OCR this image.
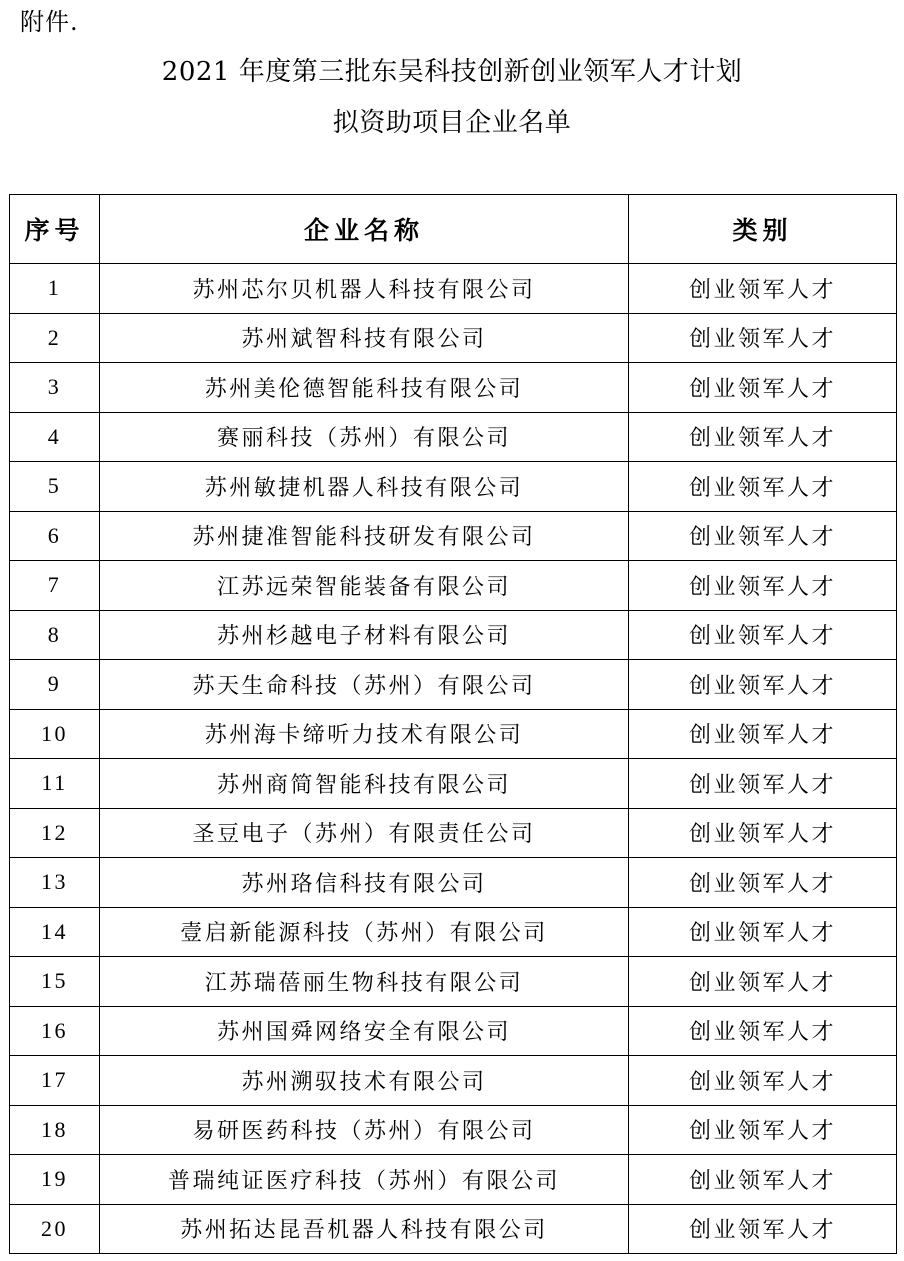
附件.
2021 年度第三批东吴科技创新创业领军人才计划
拟资助项目企业名单
序号	企业名称	类别
1	苏州芯尔贝机器人科技有限公司	创业领军人才
2	苏州斌智科技有限公司	创业领军人才
3	苏州美伦德智能科技有限公司	创业领军人才
4	赛丽科技（苏州）有限公司	创业领军人才
5	苏州敏捷机器人科技有限公司	创业领军人才
6	苏州捷准智能科技研发有限公司	创业领军人才
7	江苏远荣智能装备有限公司	创业领军人才
8	苏州杉越电子材料有限公司	创业领军人才
9	苏天生命科技（苏州）有限公司	创业领军人才
10	苏州海卡缔听力技术有限公司	创业领军人才
11	苏州商简智能科技有限公司	创业领军人才
12	圣豆电子（苏州）有限责任公司	创业领军人才
13	苏州珞信科技有限公司	创业领军人才
14	壹启新能源科技（苏州）有限公司	创业领军人才
15	江苏瑞蓓丽生物科技有限公司	创业领军人才
16	苏州国舜网络安全有限公司	创业领军人才
17	苏州溯驭技术有限公司	创业领军人才
18	易研医药科技（苏州）有限公司	创业领军人才
19	普瑞纯证医疗科技（苏州）有限公司	创业领军人才
20	苏州拓达昆吾机器人科技有限公司	创业领军人才
